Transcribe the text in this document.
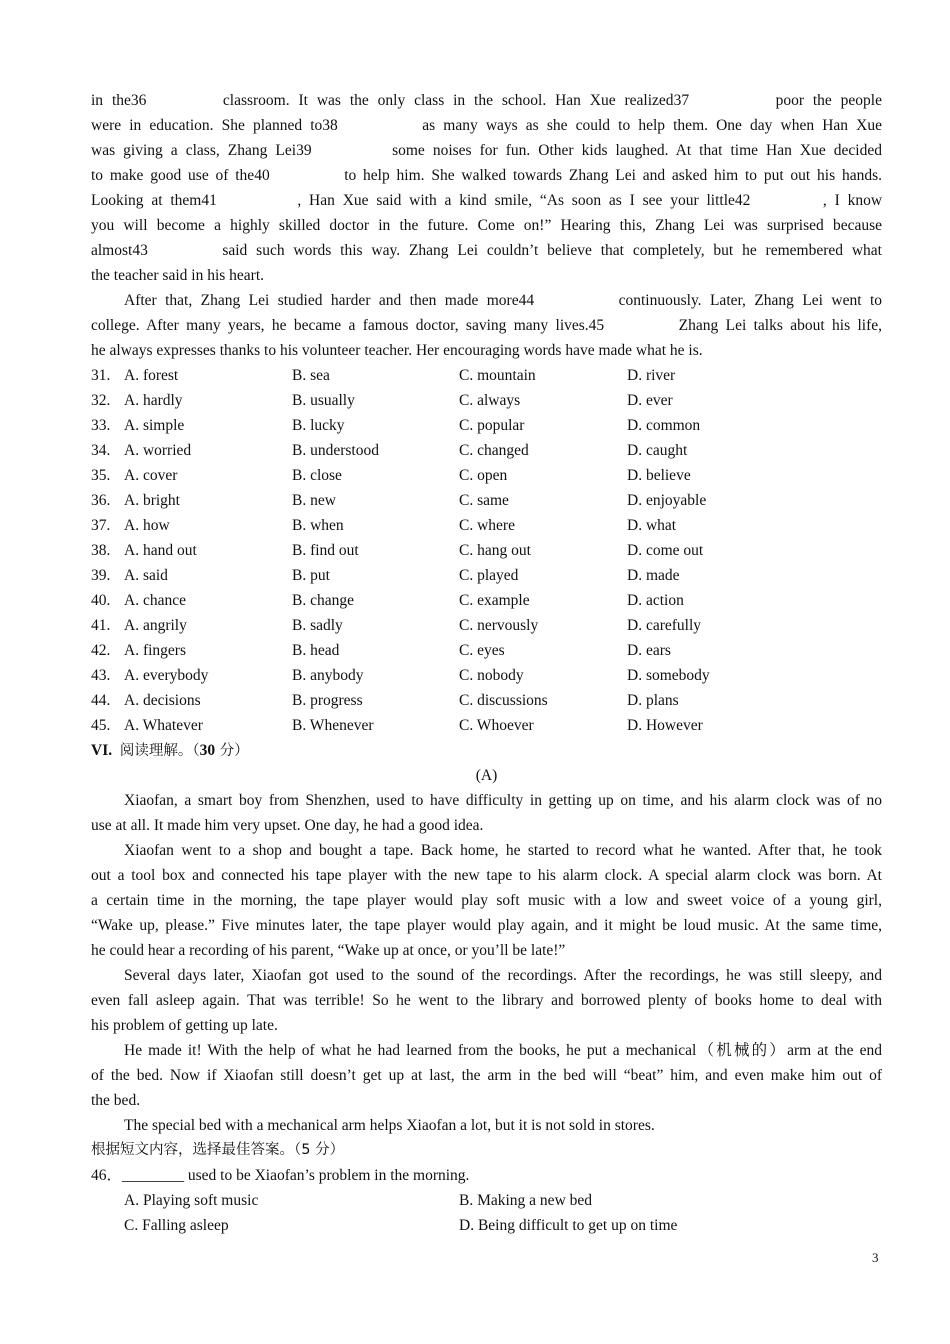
in the36	classroom. It was the only class in the school. Han Xue realized37	poor the people
were in education. She planned to38	as many ways as she could to help them. One day when Han Xue
was giving a class, Zhang Lei39	some noises for fun. Other kids laughed. At that time Han Xue decided
to make good use of the40	to help him. She walked towards Zhang Lei and asked him to put out his hands.
Looking at them41	, Han Xue said with a kind smile, “As soon as I see your little42	, I know
you will become a highly skilled doctor in the future. Come on!” Hearing this, Zhang Lei was surprised because
almost43	said such words this way. Zhang Lei couldn’t believe that completely, but he remembered what
the teacher said in his heart.
After that, Zhang Lei studied harder and then made more44	continuously. Later, Zhang Lei went to
college. After many years, he became a famous doctor, saving many lives.45	Zhang Lei talks about his life,
he always expresses thanks to his volunteer teacher. Her encouraging words have made what he is.
31. A. forest	B. sea	C. mountain	D. river
32. A. hardly	B. usually	C. always	D. ever
33. A. simple	B. lucky	C. popular	D. common
34. A. worried	B. understood	C. changed	D. caught
35. A. cover	B. close	C. open	D. believe
36. A. bright	B. new	C. same	D. enjoyable
37. A. how	B. when	C. where	D. what
38. A. hand out	B. find out	C. hang out	D. come out
39. A. said	B. put	C. played	D. made
40. A. chance	B. change	C. example	D. action
41. A. angrily	B. sadly	C. nervously	D. carefully
42. A. fingers	B. head	C. eyes	D. ears
43. A. everybody	B. anybody	C. nobody	D. somebody
44. A. decisions	B. progress	C. discussions	D. plans
45. A. Whatever	B. Whenever	C. Whoever	D. However
VI. 阅读理解。（30 分）
(A)
Xiaofan, a smart boy from Shenzhen, used to have difficulty in getting up on time, and his alarm clock was of no
use at all. It made him very upset. One day, he had a good idea.
Xiaofan went to a shop and bought a tape. Back home, he started to record what he wanted. After that, he took
out a tool box and connected his tape player with the new tape to his alarm clock. A special alarm clock was born. At
a certain time in the morning, the tape player would play soft music with a low and sweet voice of a young girl,
“Wake up, please.” Five minutes later, the tape player would play again, and it might be loud music. At the same time,
he could hear a recording of his parent, “Wake up at once, or you’ll be late!”
Several days later, Xiaofan got used to the sound of the recordings. After the recordings, he was still sleepy, and
even fall asleep again. That was terrible! So he went to the library and borrowed plenty of books home to deal with
his problem of getting up late.
He made it! With the help of what he had learned from the books, he put a mechanical（机械的）arm at the end
of the bed. Now if Xiaofan still doesn’t get up at last, the arm in the bed will “beat” him, and even make him out of
the bed.
The special bed with a mechanical arm helps Xiaofan a lot, but it is not sold in stores.
根据短文内容，选择最佳答案。（5 分）
46．________ used to be Xiaofan’s problem in the morning.
A. Playing soft music	B. Making a new bed
C. Falling asleep	D. Being difficult to get up on time
3
